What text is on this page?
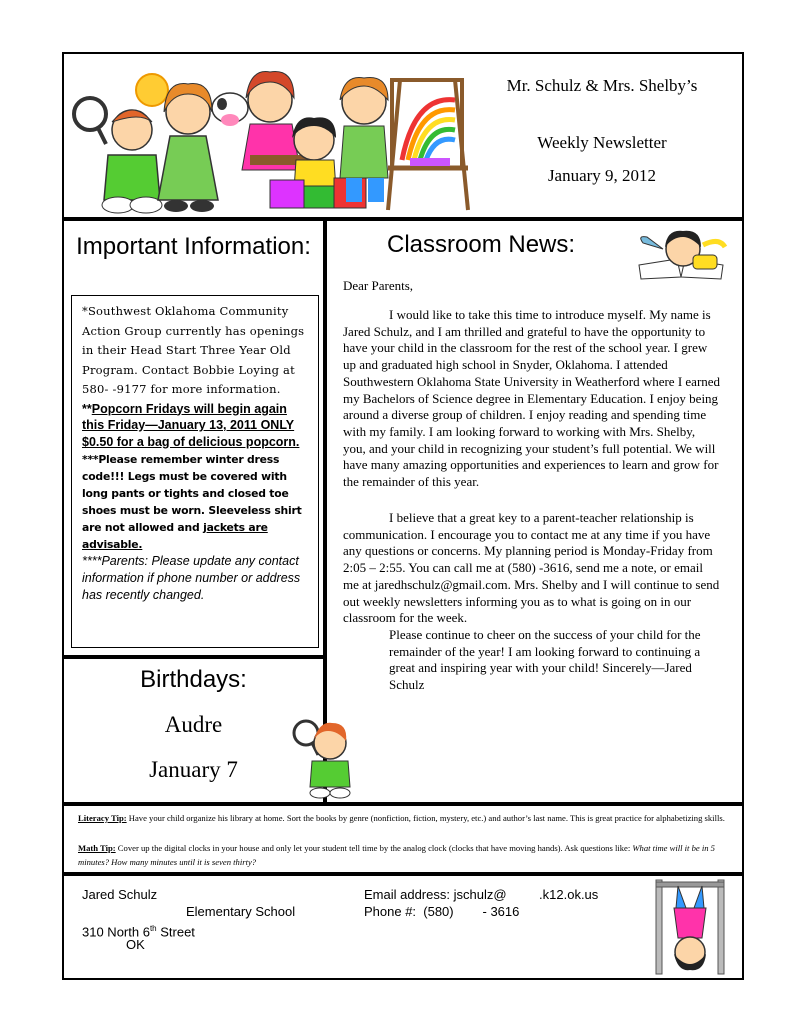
Mr. Schulz & Mrs. Shelby’s
Weekly Newsletter
January 9, 2012
Important Information:
*Southwest Oklahoma Community Action Group currently has openings in their Head Start Three Year Old Program. Contact Bobbie Loying at 580- -9177 for more information.
**Popcorn Fridays will begin again this Friday—January 13, 2011 ONLY $0.50 for a bag of delicious popcorn.
***Please remember winter dress code!!! Legs must be covered with long pants or tights and closed toe shoes must be worn. Sleeveless shirt are not allowed and jackets are advisable.
****Parents: Please update any contact information if phone number or address has recently changed.
Classroom News:
Dear Parents,

I would like to take this time to introduce myself. My name is Jared Schulz, and I am thrilled and grateful to have the opportunity to have your child in the classroom for the rest of the school year. I grew up and graduated high school in Snyder, Oklahoma. I attended Southwestern Oklahoma State University in Weatherford where I earned my Bachelors of Science degree in Elementary Education. I enjoy being around a diverse group of children. I enjoy reading and spending time with my family. I am looking forward to working with Mrs. Shelby, you, and your child in recognizing your student’s full potential. We will have many amazing opportunities and experiences to learn and grow for the remainder of this year.

I believe that a great key to a parent-teacher relationship is communication. I encourage you to contact me at any time if you have any questions or concerns. My planning period is Monday-Friday from 2:05 – 2:55. You can call me at (580) -3616, send me a note, or email me at jaredhschulz@gmail.com. Mrs. Shelby and I will continue to send out weekly newsletters informing you as to what is going on in our classroom for the week.

Please continue to cheer on the success of your child for the remainder of the year! I am looking forward to continuing a great and inspiring year with your child! Sincerely—Jared Schulz

Birthdays:
Audre
January 7
Literacy Tip: Have your child organize his library at home. Sort the books by genre (nonfiction, fiction, mystery, etc.) and author’s last name. This is great practice for alphabetizing skills.
Math Tip: Cover up the digital clocks in your house and only let your student tell time by the analog clock (clocks that have moving hands). Ask questions like: What time will it be in 5 minutes? How many minutes until it is seven thirty?
Jared Schulz
Elementary School
310 North 6th Street
OK
Email address: jschulz@         .k12.ok.us
Phone #:  (580)        - 3616
